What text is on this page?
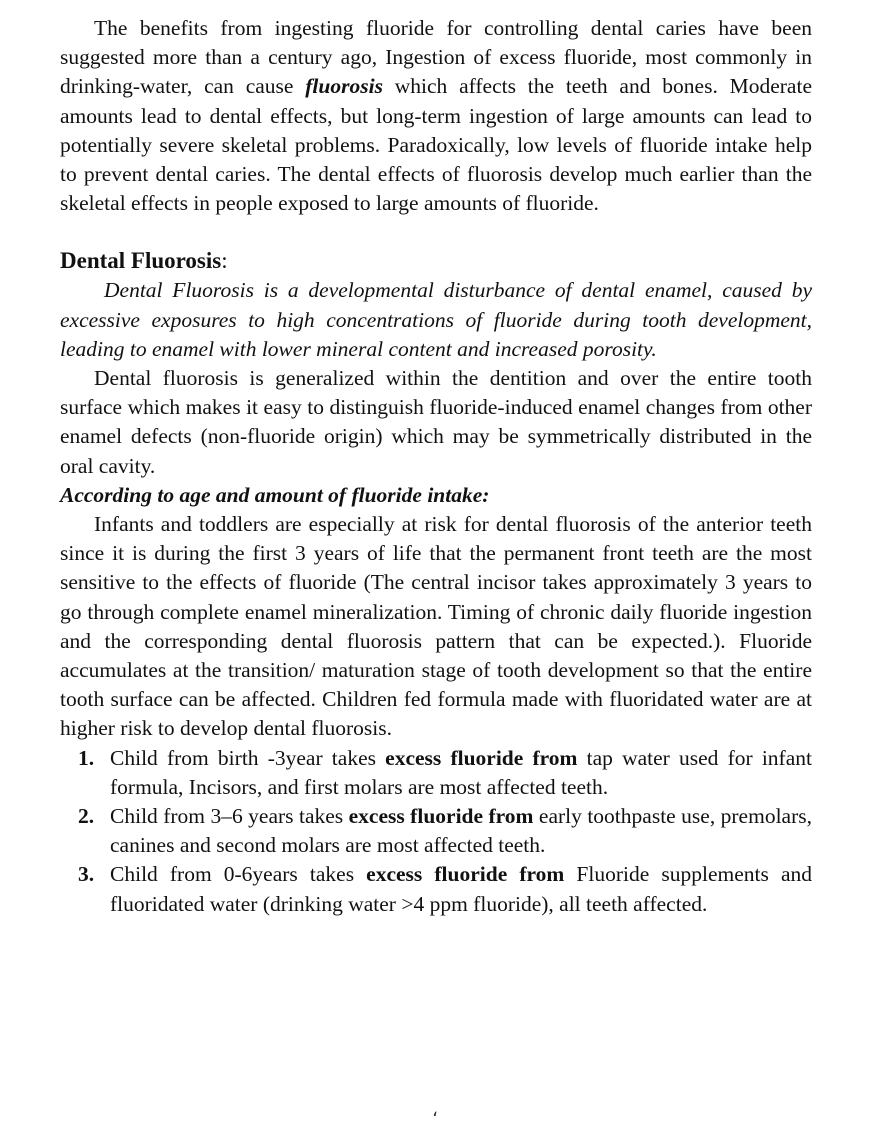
The benefits from ingesting fluoride for controlling dental caries have been suggested more than a century ago, Ingestion of excess fluoride, most commonly in drinking-water, can cause fluorosis which affects the teeth and bones. Moderate amounts lead to dental effects, but long-term ingestion of large amounts can lead to potentially severe skeletal problems. Paradoxically, low levels of fluoride intake help to prevent dental caries. The dental effects of fluorosis develop much earlier than the skeletal effects in people exposed to large amounts of fluoride.

Dental Fluorosis:

Dental Fluorosis is a developmental disturbance of dental enamel, caused by excessive exposures to high concentrations of fluoride during tooth development, leading to enamel with lower mineral content and increased porosity.

Dental fluorosis is generalized within the dentition and over the entire tooth surface which makes it easy to distinguish fluoride-induced enamel changes from other enamel defects (non-fluoride origin) which may be symmetrically distributed in the oral cavity.

According to age and amount of fluoride intake:

Infants and toddlers are especially at risk for dental fluorosis of the anterior teeth since it is during the first 3 years of life that the permanent front teeth are the most sensitive to the effects of fluoride (The central incisor takes approximately 3 years to go through complete enamel mineralization. Timing of chronic daily fluoride ingestion and the corresponding dental fluorosis pattern that can be expected.). Fluoride accumulates at the transition/ maturation stage of tooth development so that the entire tooth surface can be affected. Children fed formula made with fluoridated water are at higher risk to develop dental fluorosis.

1. Child from birth -3year takes excess fluoride from tap water used for infant formula, Incisors, and first molars are most affected teeth.
2. Child from 3–6 years takes excess fluoride from early toothpaste use, premolars, canines and second molars are most affected teeth.
3. Child from 0-6years takes excess fluoride from Fluoride supplements and fluoridated water (drinking water >4 ppm fluoride), all teeth affected.
،
